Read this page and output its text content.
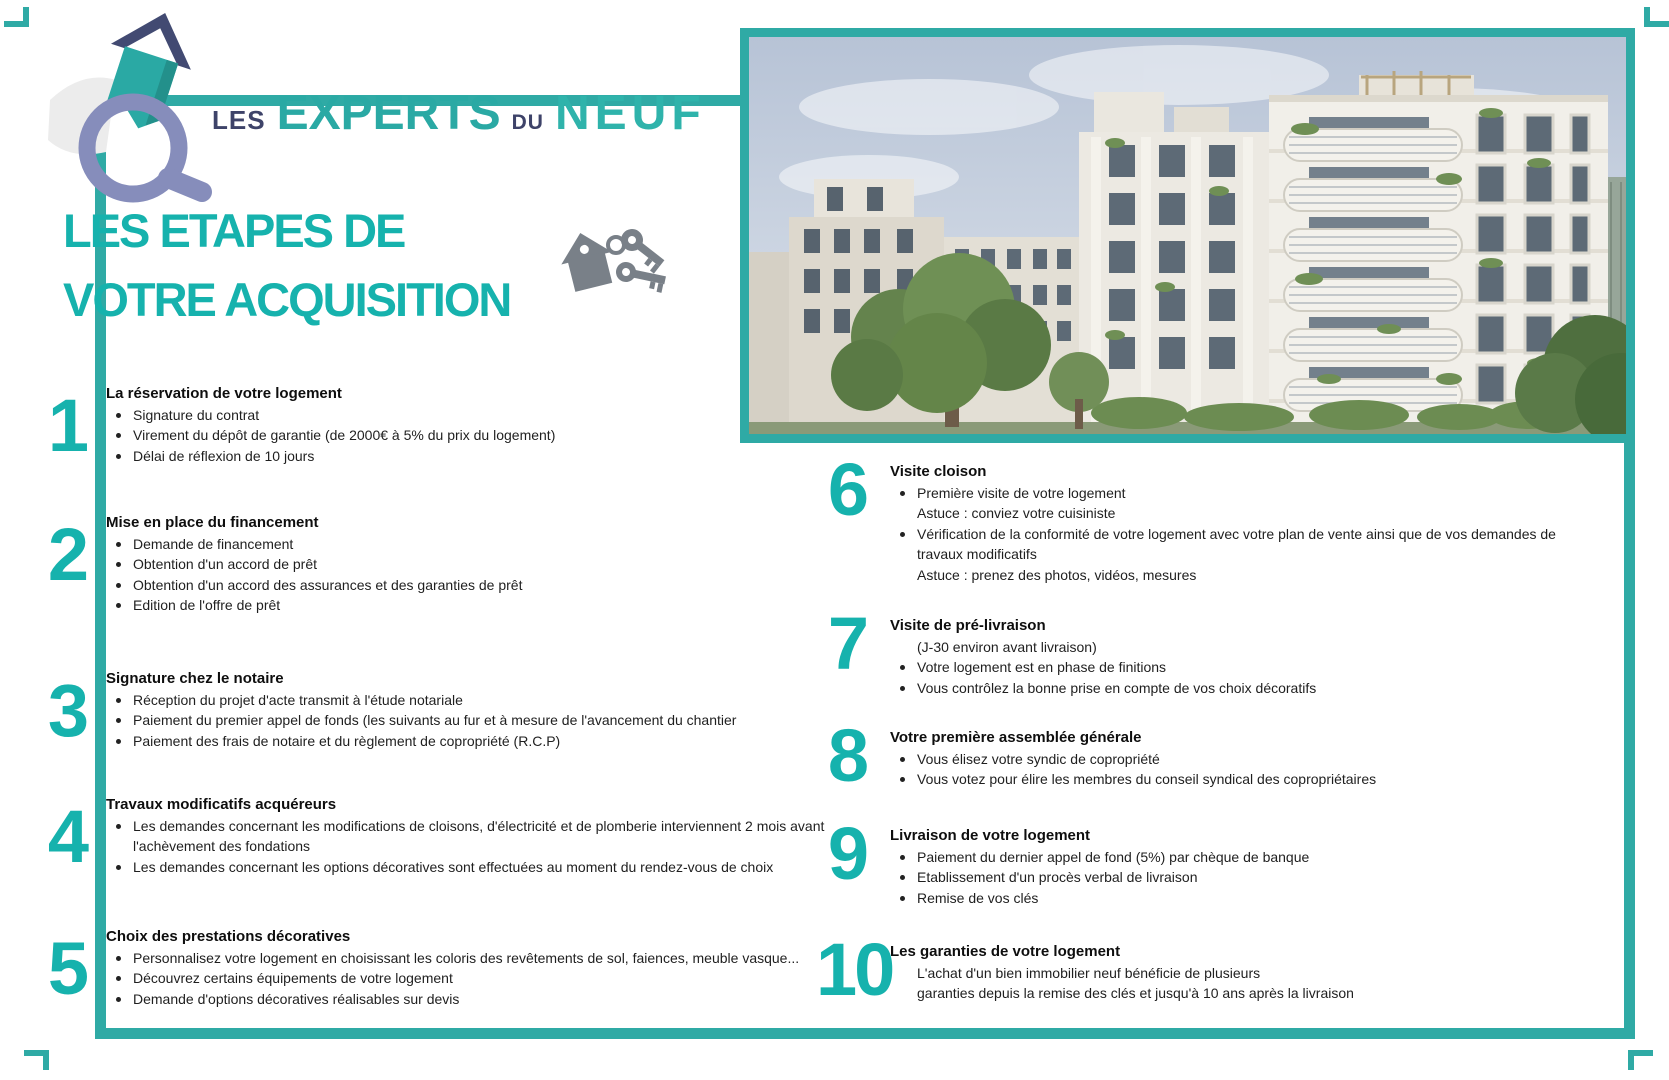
LES EXPERTS DU NEUF
LES ETAPES DE
VOTRE ACQUISITION
1	La réservation de votre logement
Signature du contrat
Virement du dépôt de garantie (de 2000€ à 5% du prix du logement)
Délai de réflexion de 10 jours
2	Mise en place du financement
Demande de financement
Obtention d'un accord de prêt
Obtention d'un accord des assurances et des garanties de prêt
Edition de l'offre de prêt
3	Signature chez le notaire
Réception du projet d'acte transmit à l'étude notariale
Paiement du premier appel de fonds (les suivants au fur et à mesure de l'avancement du chantier
Paiement des frais de notaire et du règlement de copropriété (R.C.P)
4	Travaux modificatifs acquéreurs
Les demandes concernant les modifications de cloisons, d'électricité et de plomberie interviennent 2 mois avant l'achèvement des fondations
Les demandes concernant les options décoratives sont effectuées au moment du rendez-vous de choix
5	Choix des prestations décoratives
Personnalisez votre logement en choisissant les coloris des revêtements de sol, faiences, meuble vasque...
Découvrez certains équipements de votre logement
Demande d'options décoratives réalisables sur devis
6	Visite cloison
Première visite de votre logement
Astuce : conviez votre cuisiniste
Vérification de la conformité de votre logement avec votre plan de vente ainsi que de vos demandes de travaux modificatifs
Astuce : prenez des photos, vidéos, mesures
7	Visite de pré-livraison
(J-30 environ avant livraison)
Votre logement est en phase de finitions
Vous contrôlez la bonne prise en compte de vos choix décoratifs
8	Votre première assemblée générale
Vous élisez votre syndic de copropriété
Vous votez pour élire les membres du conseil syndical des copropriétaires
9	Livraison de votre logement
Paiement du dernier appel de fond (5%) par chèque de banque
Etablissement d'un procès verbal de livraison
Remise de vos clés
10
Les garanties de votre logement
L'achat d'un bien immobilier neuf bénéficie de plusieurs
garanties depuis la remise des clés et jusqu'à 10 ans après la livraison
